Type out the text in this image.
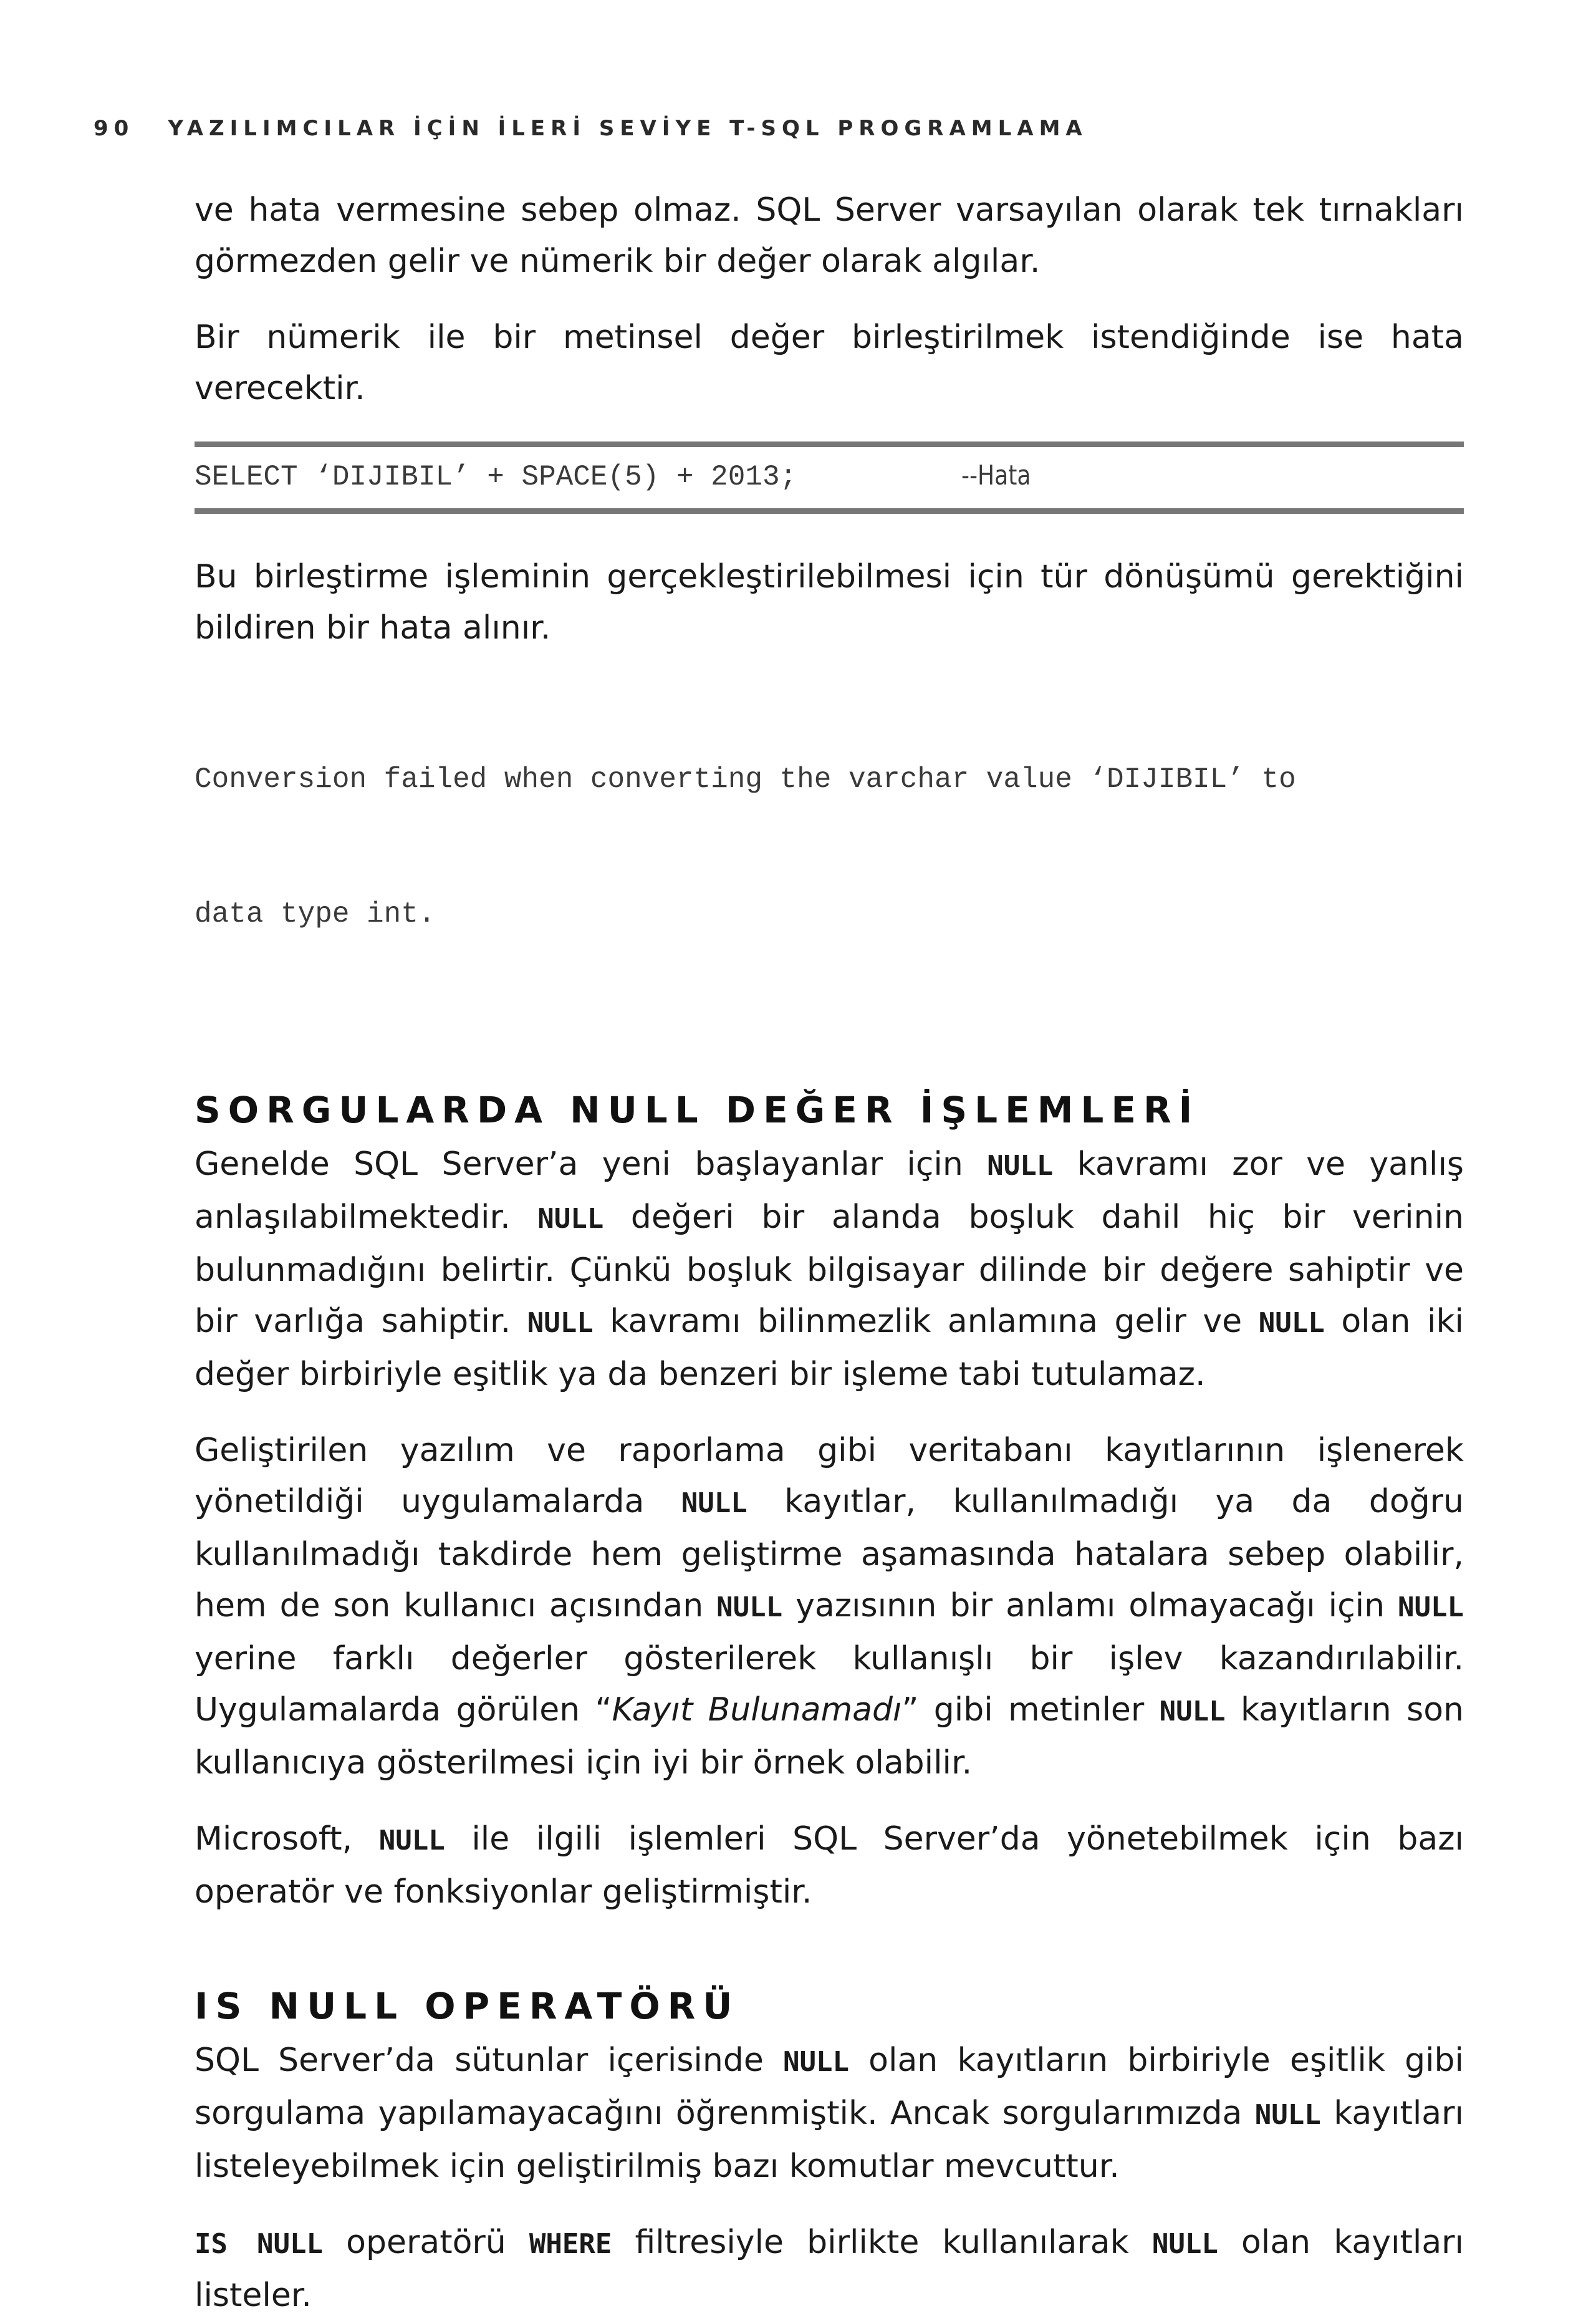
90 YAZILIMCILAR İÇİN İLERİ SEVİYE T-SQL PROGRAMLAMA

ve hata vermesine sebep olmaz. SQL Server varsayılan olarak tek tırnakları görmezden gelir ve nümerik bir değer olarak algılar.

Bir nümerik ile bir metinsel değer birleştirilmek istendiğinde ise hata verecektir.

SELECT ‘DIJIBIL’ + SPACE(5) + 2013;	--Hata

Bu birleştirme işleminin gerçekleştirilebilmesi için tür dönüşümü gerektiğini bildiren bir hata alınır.

Conversion failed when converting the varchar value ‘DIJIBIL’ to

data type int.

SORGULARDA NULL DEĞER İŞLEMLERİ

Genelde SQL Server’a yeni başlayanlar için NULL kavramı zor ve yanlış anlaşılabilmektedir. NULL değeri bir alanda boşluk dahil hiç bir verinin bulunmadığını belirtir. Çünkü boşluk bilgisayar dilinde bir değere sahiptir ve bir varlığa sahiptir. NULL kavramı bilinmezlik anlamına gelir ve NULL olan iki değer birbiriyle eşitlik ya da benzeri bir işleme tabi tutulamaz.

Geliştirilen yazılım ve raporlama gibi veritabanı kayıtlarının işlenerek yönetildiği uygulamalarda NULL kayıtlar, kullanılmadığı ya da doğru kullanılmadığı takdirde hem geliştirme aşamasında hatalara sebep olabilir, hem de son kullanıcı açısından NULL yazısının bir anlamı olmayacağı için NULL yerine farklı değerler gösterilerek kullanışlı bir işlev kazandırılabilir. Uygulamalarda görülen “Kayıt Bulunamadı” gibi metinler NULL kayıtların son kullanıcıya gösterilmesi için iyi bir örnek olabilir.

Microsoft, NULL ile ilgili işlemleri SQL Server’da yönetebilmek için bazı operatör ve fonksiyonlar geliştirmiştir.

IS NULL OPERATÖRÜ

SQL Server’da sütunlar içerisinde NULL olan kayıtların birbiriyle eşitlik gibi sorgulama yapılamayacağını öğrenmiştik. Ancak sorgularımızda NULL kayıtları listeleyebilmek için geliştirilmiş bazı komutlar mevcuttur.

IS NULL operatörü WHERE filtresiyle birlikte kullanılarak NULL olan kayıtları listeler.
